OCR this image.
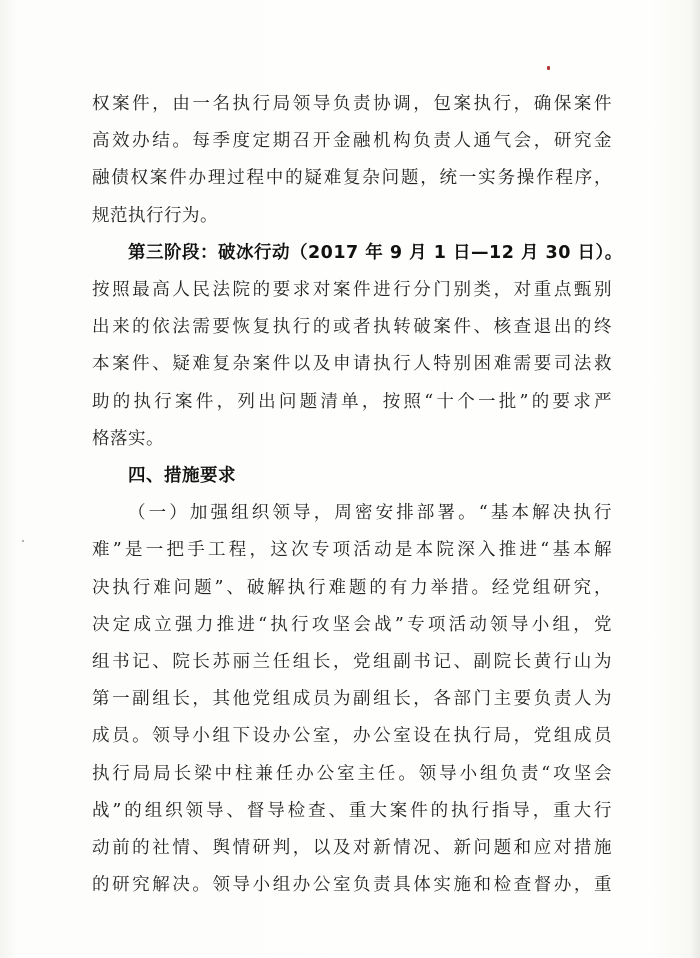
权案件，由一名执行局领导负责协调，包案执行，确保案件
高效办结。每季度定期召开金融机构负责人通气会，研究金
融债权案件办理过程中的疑难复杂问题，统一实务操作程序，
规范执行行为。
第三阶段：破冰行动（2017 年 9 月 1 日—12 月 30 日）。
按照最高人民法院的要求对案件进行分门别类，对重点甄别
出来的依法需要恢复执行的或者执转破案件、核查退出的终
本案件、疑难复杂案件以及申请执行人特别困难需要司法救
助的执行案件，列出问题清单，按照“十个一批”的要求严
格落实。
四、措施要求
（一）加强组织领导，周密安排部署。“基本解决执行
难”是一把手工程，这次专项活动是本院深入推进“基本解
决执行难问题”、破解执行难题的有力举措。经党组研究，
决定成立强力推进“执行攻坚会战”专项活动领导小组，党
组书记、院长苏丽兰任组长，党组副书记、副院长黄行山为
第一副组长，其他党组成员为副组长，各部门主要负责人为
成员。领导小组下设办公室，办公室设在执行局，党组成员
执行局局长梁中柱兼任办公室主任。领导小组负责“攻坚会
战”的组织领导、督导检查、重大案件的执行指导，重大行
动前的社情、舆情研判，以及对新情况、新问题和应对措施
的研究解决。领导小组办公室负责具体实施和检查督办，重
